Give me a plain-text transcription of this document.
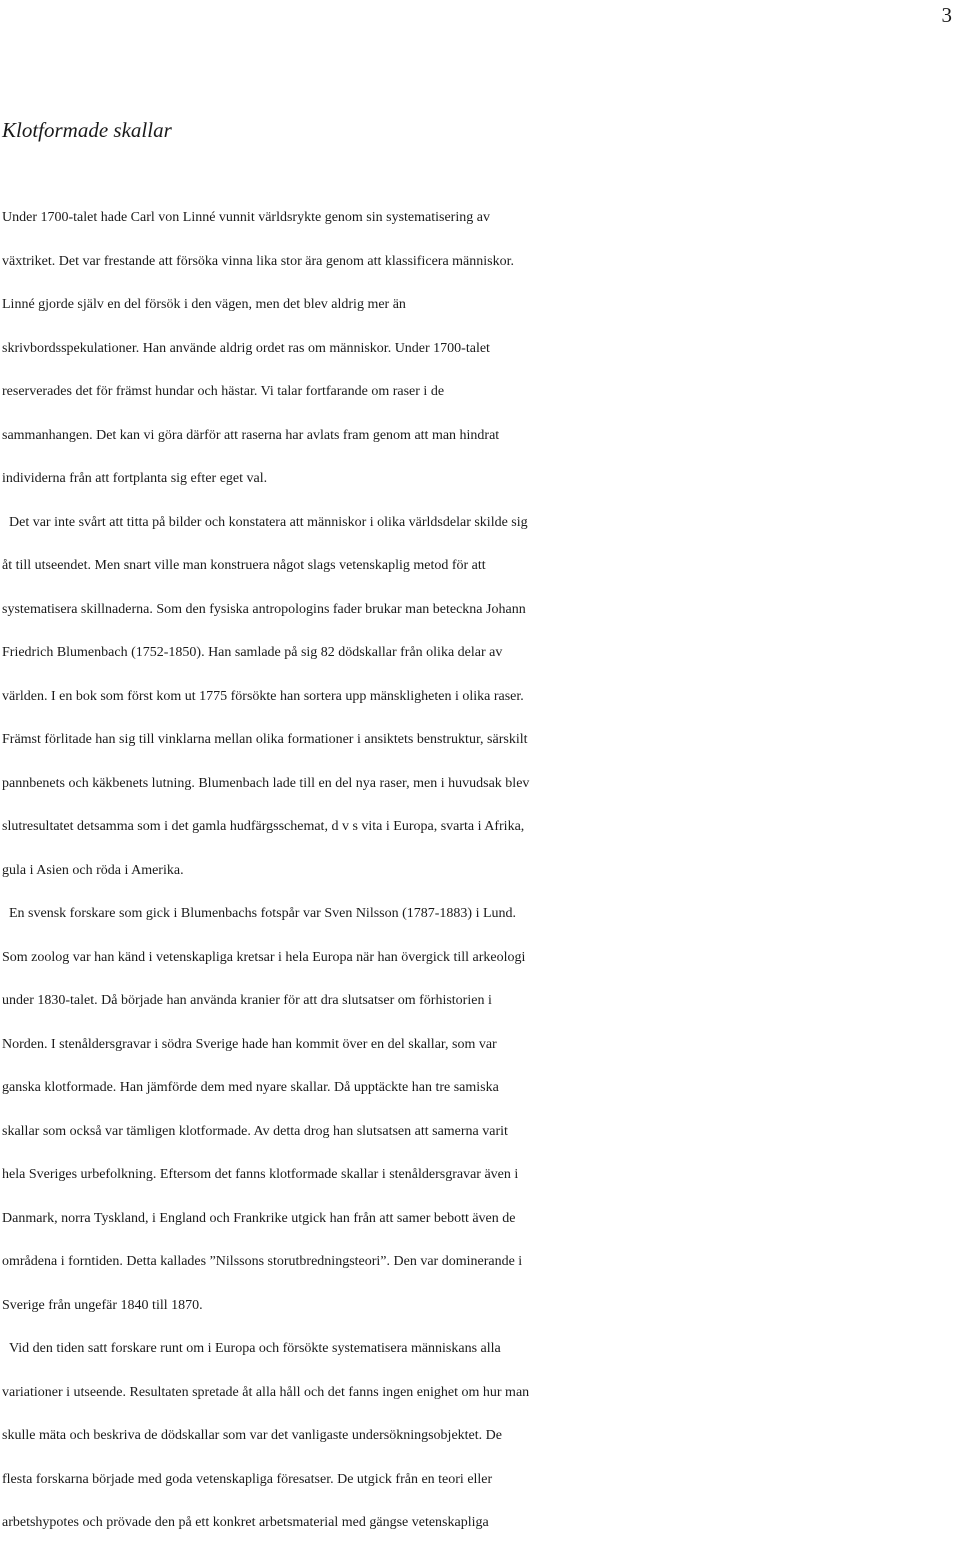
3
Klotformade skallar

Under 1700-talet hade Carl von Linné vunnit världsrykte genom sin systematisering av

växtriket. Det var frestande att försöka vinna lika stor ära genom att klassificera människor.

Linné gjorde själv en del försök i den vägen, men det blev aldrig mer än

skrivbordsspekulationer. Han använde aldrig ordet ras om människor. Under 1700-talet

reserverades det för främst hundar och hästar. Vi talar fortfarande om raser i de

sammanhangen. Det kan vi göra därför att raserna har avlats fram genom att man hindrat

individerna från att fortplanta sig efter eget val.

Det var inte svårt att titta på bilder och konstatera att människor i olika världsdelar skilde sig

åt till utseendet. Men snart ville man konstruera något slags vetenskaplig metod för att

systematisera skillnaderna. Som den fysiska antropologins fader brukar man beteckna Johann

Friedrich Blumenbach (1752-1850). Han samlade på sig 82 dödskallar från olika delar av

världen. I en bok som först kom ut 1775 försökte han sortera upp mänskligheten i olika raser.

Främst förlitade han sig till vinklarna mellan olika formationer i ansiktets benstruktur, särskilt

pannbenets och käkbenets lutning. Blumenbach lade till en del nya raser, men i huvudsak blev

slutresultatet detsamma som i det gamla hudfärgsschemat, d v s vita i Europa, svarta i Afrika,

gula i Asien och röda i Amerika.

En svensk forskare som gick i Blumenbachs fotspår var Sven Nilsson (1787-1883) i Lund.

Som zoolog var han känd i vetenskapliga kretsar i hela Europa när han övergick till arkeologi

under 1830-talet. Då började han använda kranier för att dra slutsatser om förhistorien i

Norden. I stenåldersgravar i södra Sverige hade han kommit över en del skallar, som var

ganska klotformade. Han jämförde dem med nyare skallar. Då upptäckte han tre samiska

skallar som också var tämligen klotformade. Av detta drog han slutsatsen att samerna varit

hela Sveriges urbefolkning. Eftersom det fanns klotformade skallar i stenåldersgravar även i

Danmark, norra Tyskland, i England och Frankrike utgick han från att samer bebott även de

områdena i forntiden. Detta kallades ”Nilssons storutbredningsteori”. Den var dominerande i

Sverige från ungefär 1840 till 1870.

Vid den tiden satt forskare runt om i Europa och försökte systematisera människans alla

variationer i utseende. Resultaten spretade åt alla håll och det fanns ingen enighet om hur man

skulle mäta och beskriva de dödskallar som var det vanligaste undersökningsobjektet. De

flesta forskarna började med goda vetenskapliga föresatser. De utgick från en teori eller

arbetshypotes och prövade den på ett konkret arbetsmaterial med gängse vetenskapliga
